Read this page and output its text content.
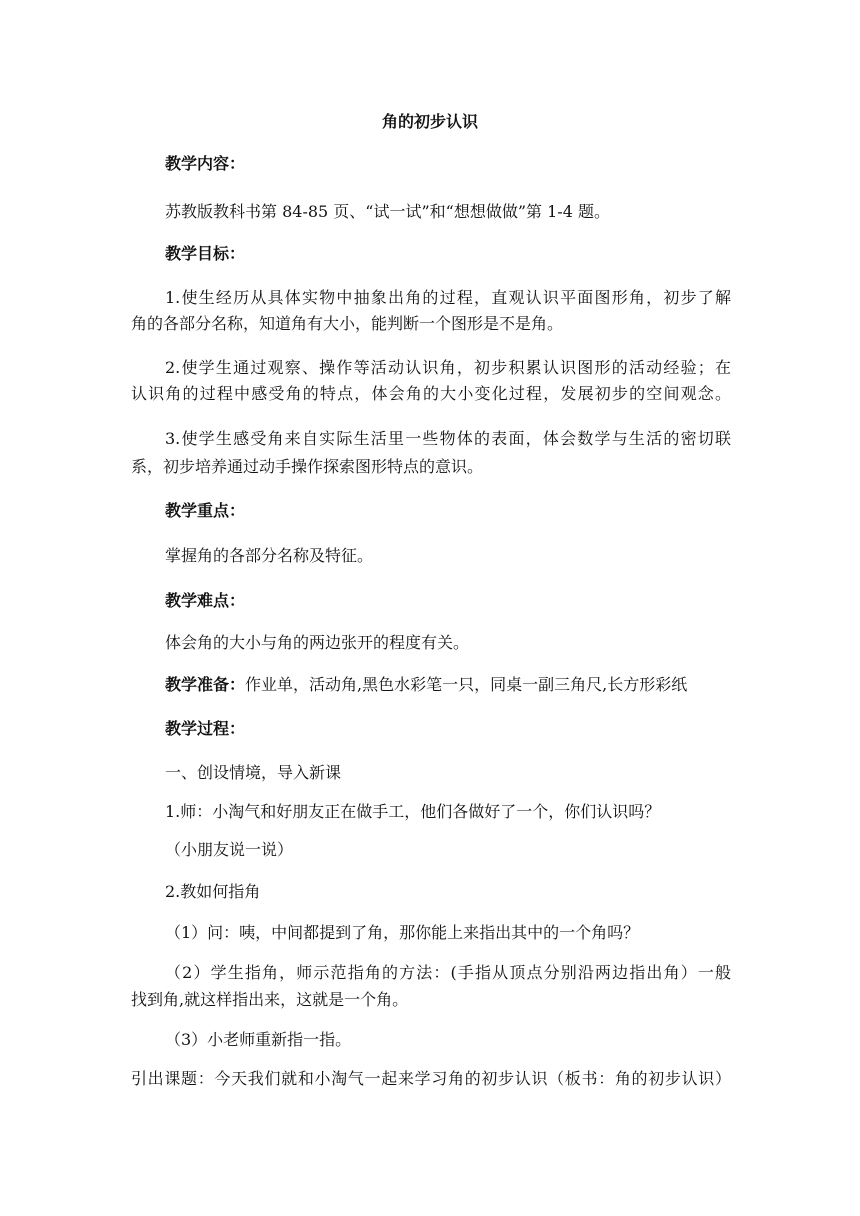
角的初步认识

教学内容：

苏教版教科书第 84-85 页、“试一试”和“想想做做”第 1-4 题。

教学目标：

1.使生经历从具体实物中抽象出角的过程，直观认识平面图形角，初步了解

角的各部分名称，知道角有大小，能判断一个图形是不是角。

2.使学生通过观察、操作等活动认识角，初步积累认识图形的活动经验；在

认识角的过程中感受角的特点，体会角的大小变化过程，发展初步的空间观念。

3.使学生感受角来自实际生活里一些物体的表面，体会数学与生活的密切联

系，初步培养通过动手操作探索图形特点的意识。

教学重点：

掌握角的各部分名称及特征。

教学难点：

体会角的大小与角的两边张开的程度有关。

教学准备：作业单，活动角,黑色水彩笔一只，同桌一副三角尺,长方形彩纸

教学过程：

一、创设情境，导入新课

1.师：小淘气和好朋友正在做手工，他们各做好了一个，你们认识吗？

（小朋友说一说）

2.教如何指角

（1）问：咦，中间都提到了角，那你能上来指出其中的一个角吗？

（2）学生指角，师示范指角的方法：(手指从顶点分别沿两边指出角）一般

找到角,就这样指出来，这就是一个角。

（3）小老师重新指一指。

引出课题：今天我们就和小淘气一起来学习角的初步认识（板书：角的初步认识）
